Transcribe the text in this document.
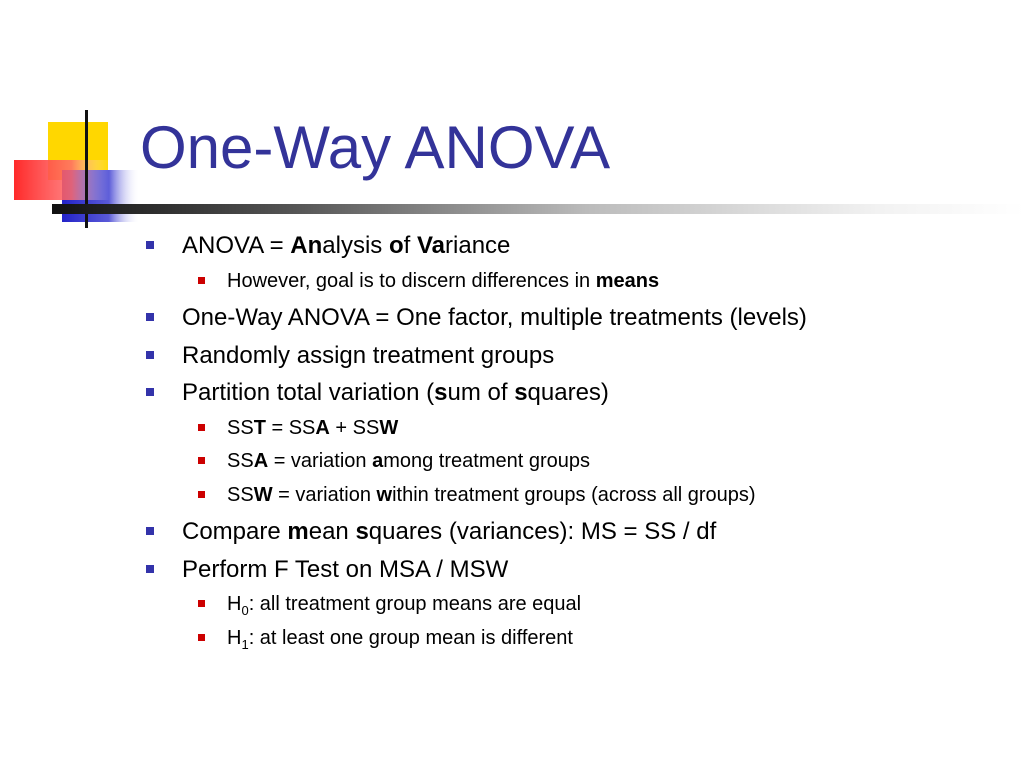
One-Way ANOVA
ANOVA = Analysis of Variance
However, goal is to discern differences in means
One-Way ANOVA = One factor, multiple treatments (levels)
Randomly assign treatment groups
Partition total variation (sum of squares)
SST = SSA + SSW
SSA = variation among treatment groups
SSW = variation within treatment groups (across all groups)
Compare mean squares (variances): MS = SS / df
Perform F Test on MSA / MSW
$H_0$: all treatment group means are equal
$H_1$: at least one group mean is different
